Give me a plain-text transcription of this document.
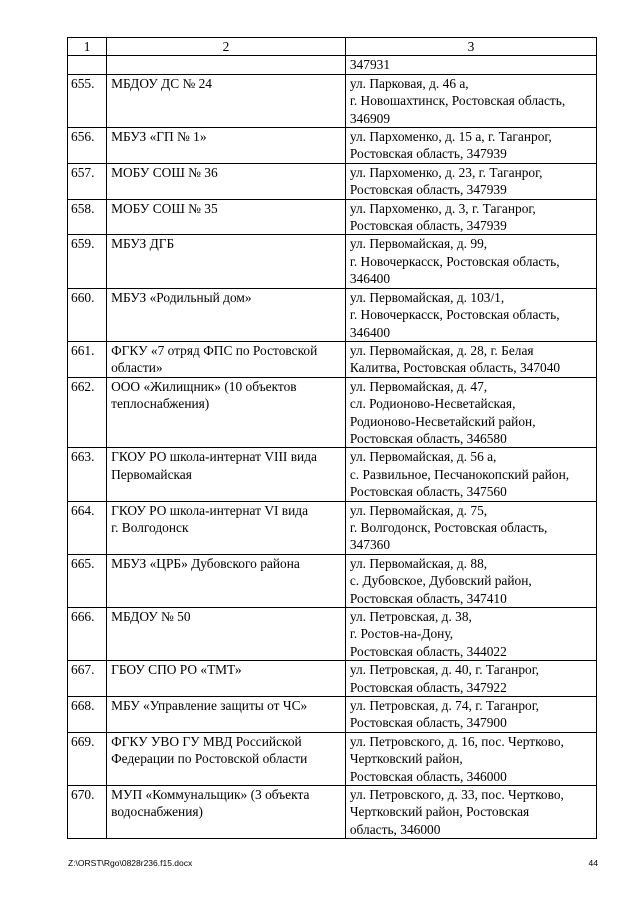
1	2	3
		347931
655.	МБДОУ ДС № 24	ул. Парковая, д. 46 а,
г. Новошахтинск, Ростовская область,
346909

656.	МБУЗ «ГП № 1»	ул. Пархоменко, д. 15 а, г. Таганрог,
Ростовская область, 347939

657.	МОБУ СОШ № 36	ул. Пархоменко, д. 23, г. Таганрог,
Ростовская область, 347939

658.	МОБУ СОШ № 35	ул. Пархоменко, д. 3, г. Таганрог,
Ростовская область, 347939

659.	МБУЗ ДГБ	ул. Первомайская, д. 99,
г. Новочеркасск, Ростовская область,
346400

660.	МБУЗ «Родильный дом»	ул. Первомайская, д. 103/1,
г. Новочеркасск, Ростовская область,
346400

661.	ФГКУ «7 отряд ФПС по Ростовской
области»	ул. Первомайская, д. 28, г. Белая
Калитва, Ростовская область, 347040

662.	ООО «Жилищник» (10 объектов
теплоснабжения)	ул. Первомайская, д. 47,
сл. Родионово-Несветайская,
Родионово-Несветайский район,
Ростовская область, 346580

663.	ГКОУ РО школа-интернат VIII вида
Первомайская	ул. Первомайская, д. 56 а,
с. Развильное, Песчанокопский район,
Ростовская область, 347560

664.	ГКОУ РО школа-интернат VI вида
г. Волгодонск	ул. Первомайская, д. 75,
г. Волгодонск, Ростовская область,
347360

665.	МБУЗ «ЦРБ» Дубовского района	ул. Первомайская, д. 88,
с. Дубовское, Дубовский район,
Ростовская область, 347410

666.	МБДОУ № 50	ул. Петровская, д. 38,
г. Ростов-на-Дону,
Ростовская область, 344022

667.	ГБОУ СПО РО «ТМТ»	ул. Петровская, д. 40, г. Таганрог,
Ростовская область, 347922

668.	МБУ «Управление защиты от ЧС»	ул. Петровская, д. 74, г. Таганрог,
Ростовская область, 347900

669.	ФГКУ УВО ГУ МВД Российской
Федерации по Ростовской области	ул. Петровского, д. 16, пос. Чертково,
Чертковский район,
Ростовская область, 346000

670.	МУП «Коммунальщик» (3 объекта
водоснабжения)	ул. Петровского, д. 33, пос. Чертково,
Чертковский район, Ростовская
область, 346000
Z:\ORST\Rgo\0828r236.f15.docx	44
